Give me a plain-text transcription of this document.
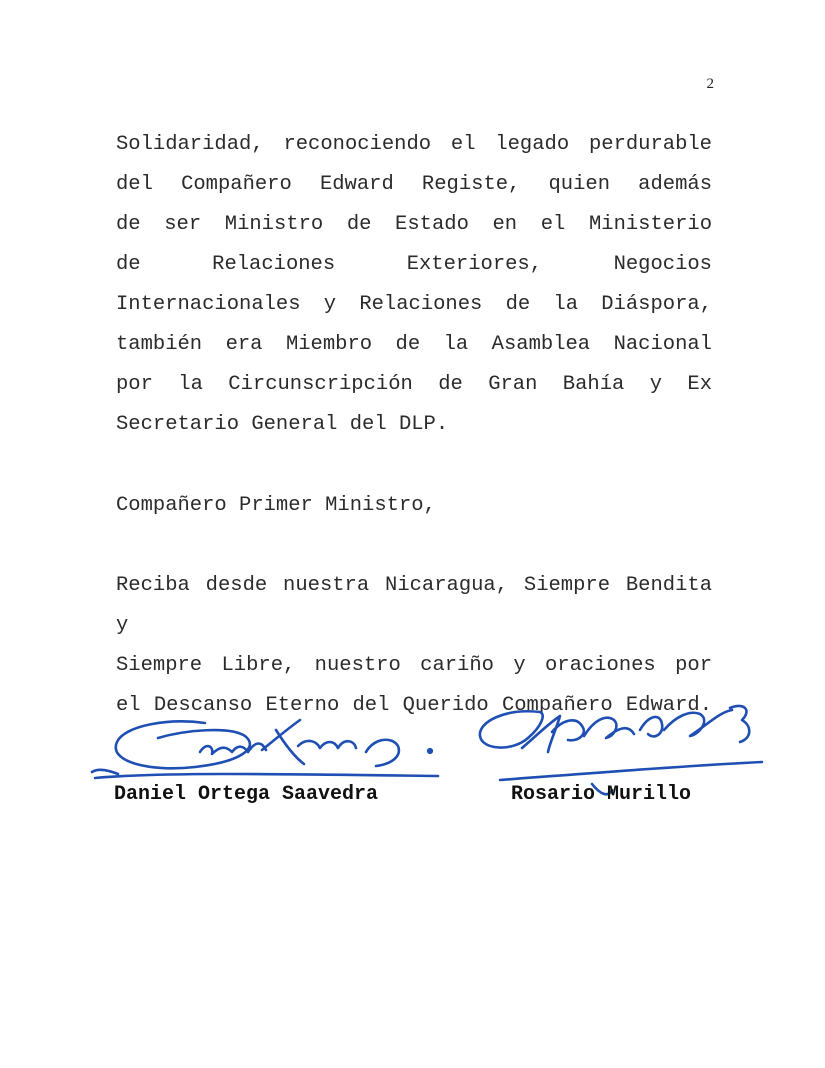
2
Solidaridad, reconociendo el legado perdurable
del Compañero Edward Registe, quien además
de ser Ministro de Estado en el Ministerio
de Relaciones Exteriores, Negocios
Internacionales y Relaciones de la Diáspora,
también era Miembro de la Asamblea Nacional
por la Circunscripción de Gran Bahía y Ex
Secretario General del DLP.
Compañero Primer Ministro,
Reciba desde nuestra Nicaragua, Siempre Bendita y
Siempre Libre, nuestro cariño y oraciones por
el Descanso Eterno del Querido Compañero Edward.
Daniel Ortega Saavedra	Rosario Murillo
